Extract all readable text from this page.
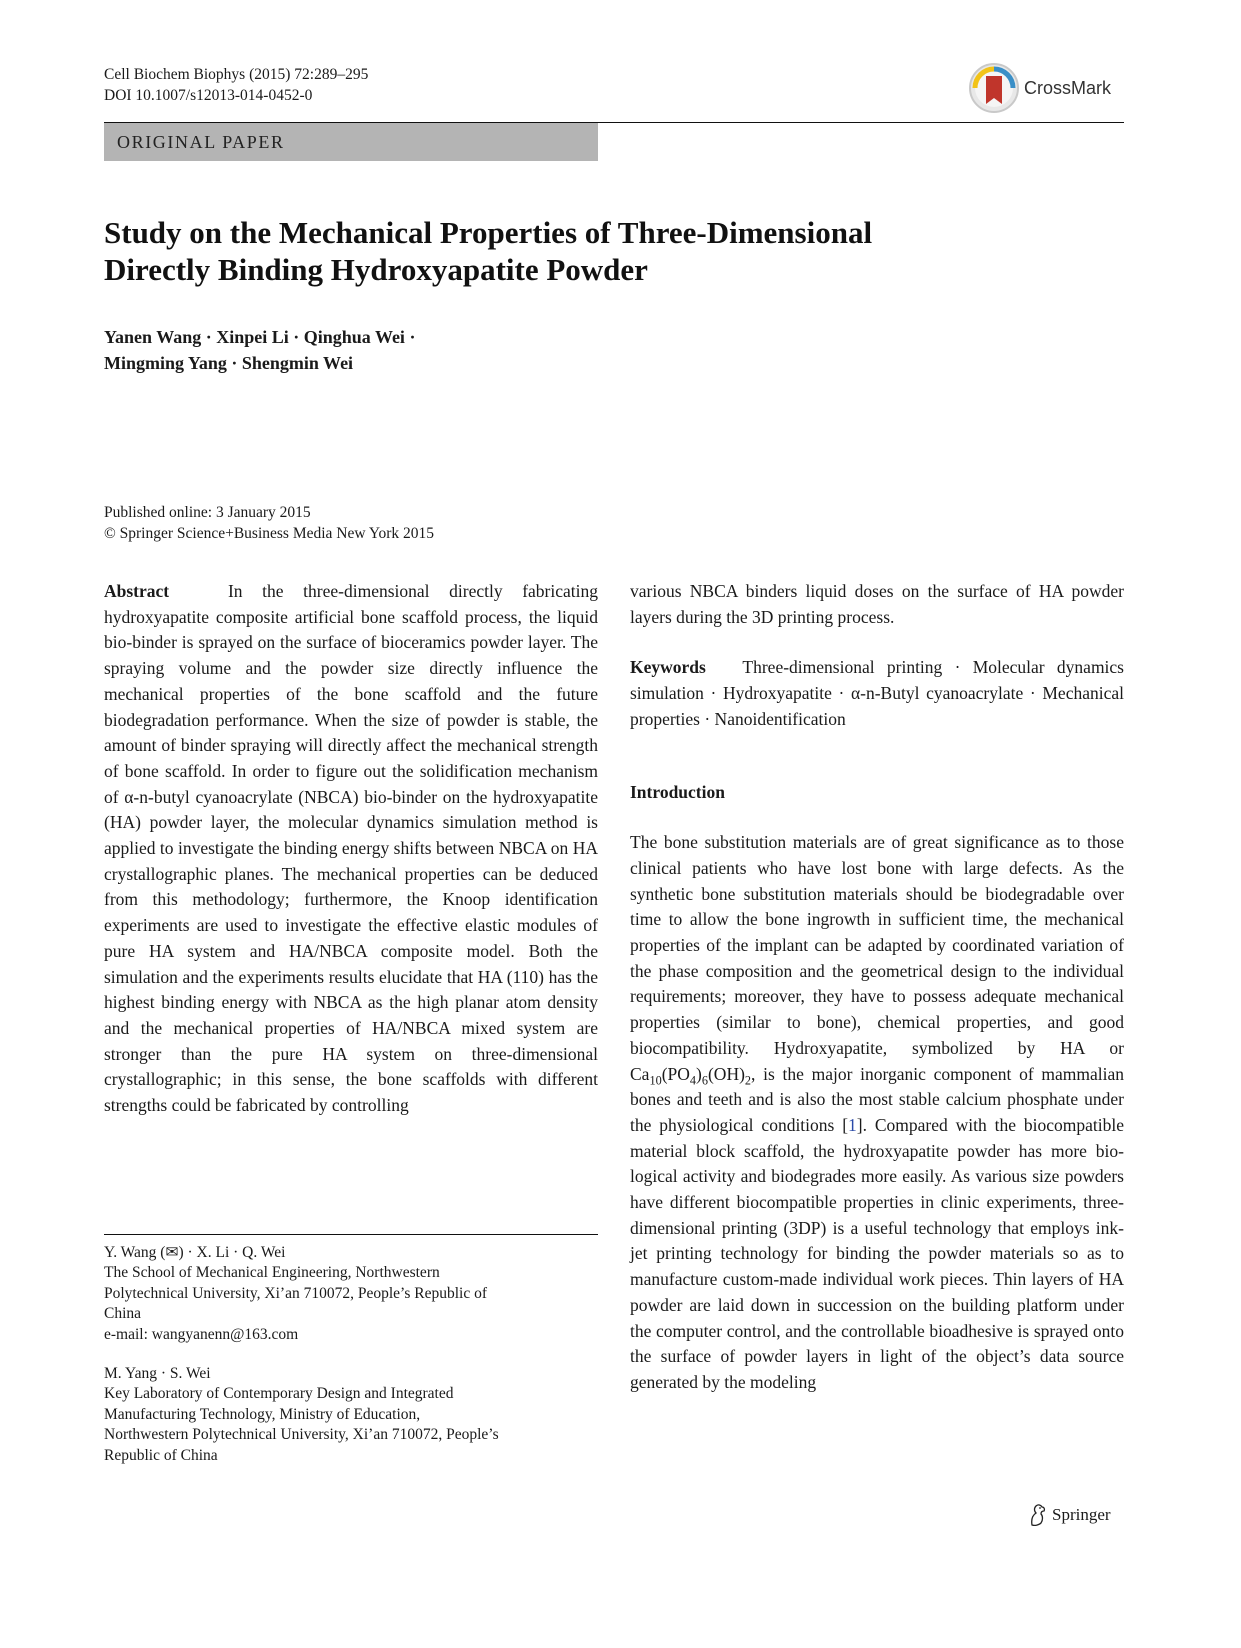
Cell Biochem Biophys (2015) 72:289–295
DOI 10.1007/s12013-014-0452-0	CrossMark
ORIGINAL PAPER
Study on the Mechanical Properties of Three-Dimensional
Directly Binding Hydroxyapatite Powder
Yanen Wang · Xinpei Li · Qinghua Wei ·
Mingming Yang · Shengmin Wei
Published online: 3 January 2015
© Springer Science+Business Media New York 2015

Abstract	In the three-dimensional directly fabricating hydroxyapatite composite artificial bone scaffold process, the liquid bio-binder is sprayed on the surface of bioceramics powder layer. The spraying volume and the powder size directly influence the mechanical properties of the bone scaffold and the future biodegradation performance. When the size of powder is stable, the amount of binder spraying will directly affect the mechanical strength of bone scaffold. In order to figure out the solidification mechanism of α-n-butyl cyanoacrylate (NBCA) bio-binder on the hydroxyapatite (HA) powder layer, the molecular dynamics simulation method is applied to investigate the binding energy shifts between NBCA on HA crystallographic planes. The mechanical properties can be deduced from this methodology; furthermore, the Knoop identification experiments are used to investigate the effective elastic modules of pure HA system and HA/NBCA composite model. Both the simulation and the experiments results elucidate that HA (110) has the highest binding energy with NBCA as the high planar atom density and the mechanical properties of HA/NBCA mixed system are stronger than the pure HA system on three-dimensional crystallographic; in this sense, the bone scaffolds with different strengths could be fabricated by controlling

various NBCA binders liquid doses on the surface of HA powder layers during the 3D printing process.

Keywords Three-dimensional printing · Molecular dynamics simulation · Hydroxyapatite · α-n-Butyl cyanoacrylate · Mechanical properties · Nanoidentification

Introduction

The bone substitution materials are of great significance as to those clinical patients who have lost bone with large defects. As the synthetic bone substitution materials should be biodegradable over time to allow the bone ingrowth in sufficient time, the mechanical properties of the implant can be adapted by coordinated variation of the phase composition and the geometrical design to the individual requirements; moreover, they have to possess adequate mechanical properties (similar to bone), chemical properties, and good biocompatibility. Hydroxyapatite, symbolized by HA or $Ca_{10}(PO_4)_6(OH)_2$, is the major inorganic component of mammalian bones and teeth and is also the most stable calcium phosphate under the physiological conditions [1]. Compared with the biocompatible material block scaffold, the hydroxyapatite powder has more biological activity and biodegrades more easily. As various size powders have different biocompatible properties in clinic experiments, three-dimensional printing (3DP) is a useful technology that employs ink-jet printing technology for binding the powder materials so as to manufacture custom-made individual work pieces. Thin layers of HA powder are laid down in succession on the building platform under the computer control, and the controllable bioadhesive is sprayed onto the surface of powder layers in light of the object’s data source generated by the modeling

Y. Wang (✉) · X. Li · Q. Wei

The School of Mechanical Engineering, Northwestern

Polytechnical University, Xi’an 710072, People’s Republic of

China

e-mail: wangyanenn@163.com

M. Yang · S. Wei

Key Laboratory of Contemporary Design and Integrated

Manufacturing Technology, Ministry of Education,

Northwestern Polytechnical University, Xi’an 710072, People’s

Republic of China

Springer
